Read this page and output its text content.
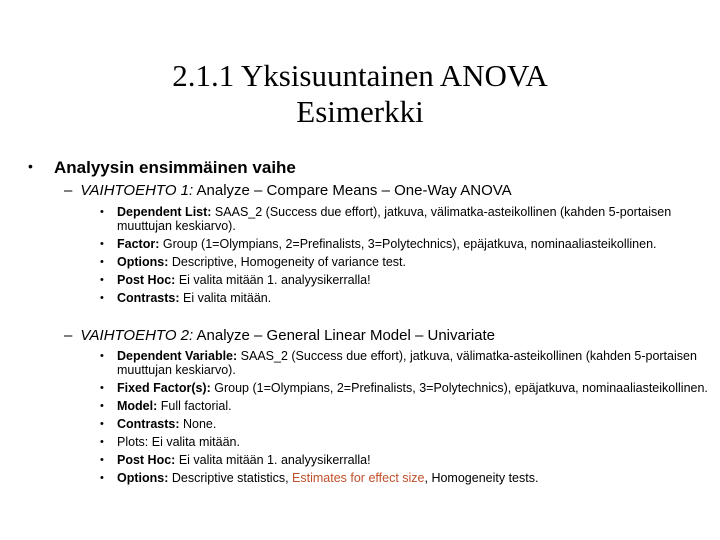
2.1.1 Yksisuuntainen ANOVA
Esimerkki
• Analyysin ensimmäinen vaihe
– VAIHTOEHTO 1: Analyze – Compare Means – One-Way ANOVA
• Dependent List: SAAS_2 (Success due effort), jatkuva, välimatka-asteikollinen (kahden 5-portaisen muuttujan keskiarvo).
• Factor: Group (1=Olympians, 2=Prefinalists, 3=Polytechnics), epäjatkuva, nominaaliasteikollinen.
• Options: Descriptive, Homogeneity of variance test.
• Post Hoc: Ei valita mitään 1. analyysikerralla!
• Contrasts: Ei valita mitään.
– VAIHTOEHTO 2: Analyze – General Linear Model – Univariate
• Dependent Variable: SAAS_2 (Success due effort), jatkuva, välimatka-asteikollinen (kahden 5-portaisen muuttujan keskiarvo).
• Fixed Factor(s): Group (1=Olympians, 2=Prefinalists, 3=Polytechnics), epäjatkuva, nominaaliasteikollinen.
• Model: Full factorial.
• Contrasts: None.
• Plots: Ei valita mitään.
• Post Hoc: Ei valita mitään 1. analyysikerralla!
• Options: Descriptive statistics, Estimates for effect size, Homogeneity tests.
